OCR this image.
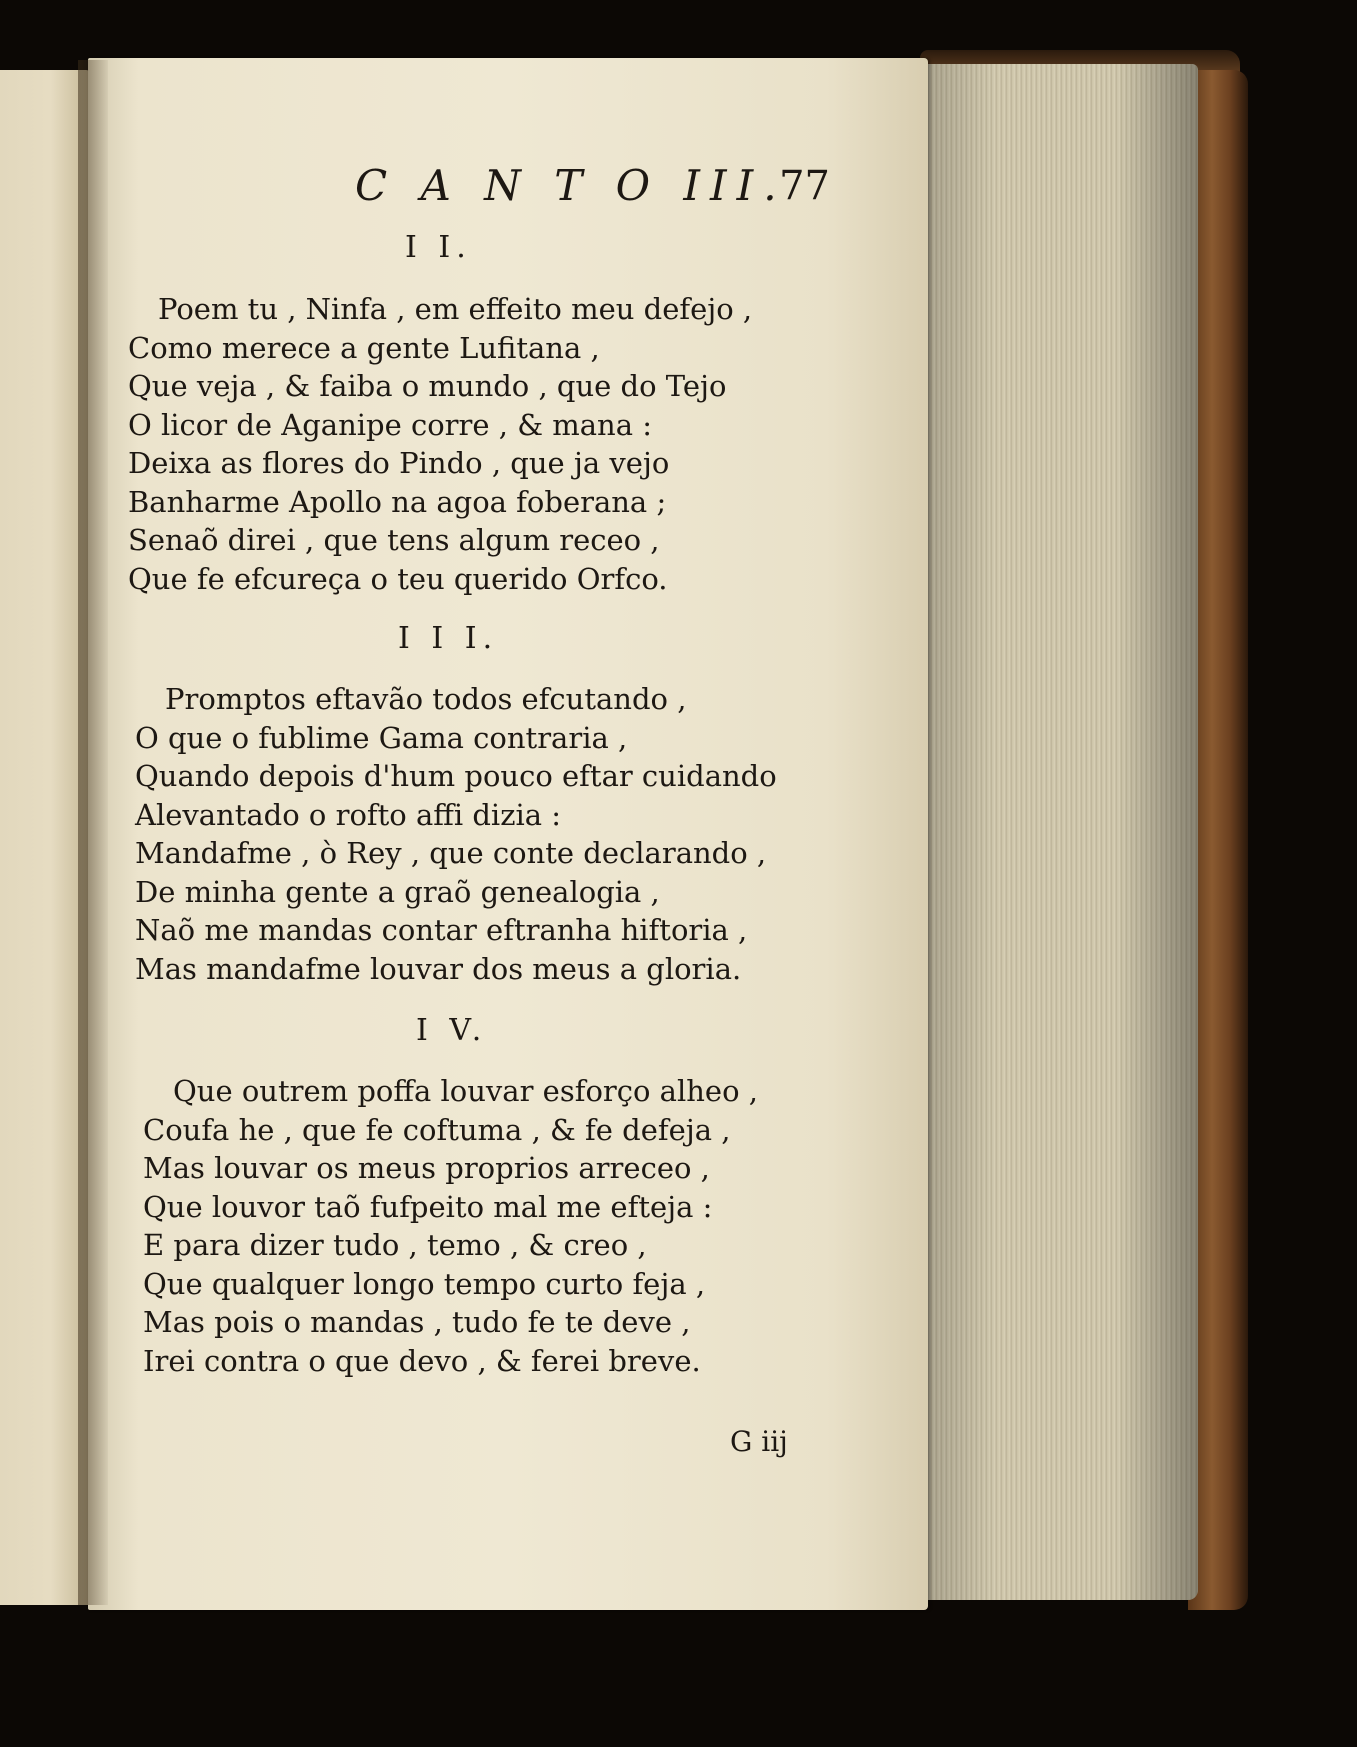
C A N T O III.
77
I I.
Poem tu , Ninfa , em effeito meu defejo ,
Como merece a gente Lufitana ,
Que veja , & faiba o mundo , que do Tejo
O licor de Aganipe corre , & mana :
Deixa as flores do Pindo , que ja vejo
Banharme Apollo na agoa foberana ;
Senaõ direi , que tens algum receo ,
Que fe efcureça o teu querido Orfco.
I I I.
Promptos eftavão todos efcutando ,
O que o fublime Gama contraria ,
Quando depois d'hum pouco eftar cuidando
Alevantado o rofto affi dizia :
Mandafme , ò Rey , que conte declarando ,
De minha gente a graõ genealogia ,
Naõ me mandas contar eftranha hiftoria ,
Mas mandafme louvar dos meus a gloria.
I V.
Que outrem poffa louvar esforço alheo ,
Coufa he , que fe coftuma , & fe defeja ,
Mas louvar os meus proprios arreceo ,
Que louvor taõ fufpeito mal me efteja :
E para dizer tudo , temo , & creo ,
Que qualquer longo tempo curto feja ,
Mas pois o mandas , tudo fe te deve ,
Irei contra o que devo , & ferei breve.
G iij
